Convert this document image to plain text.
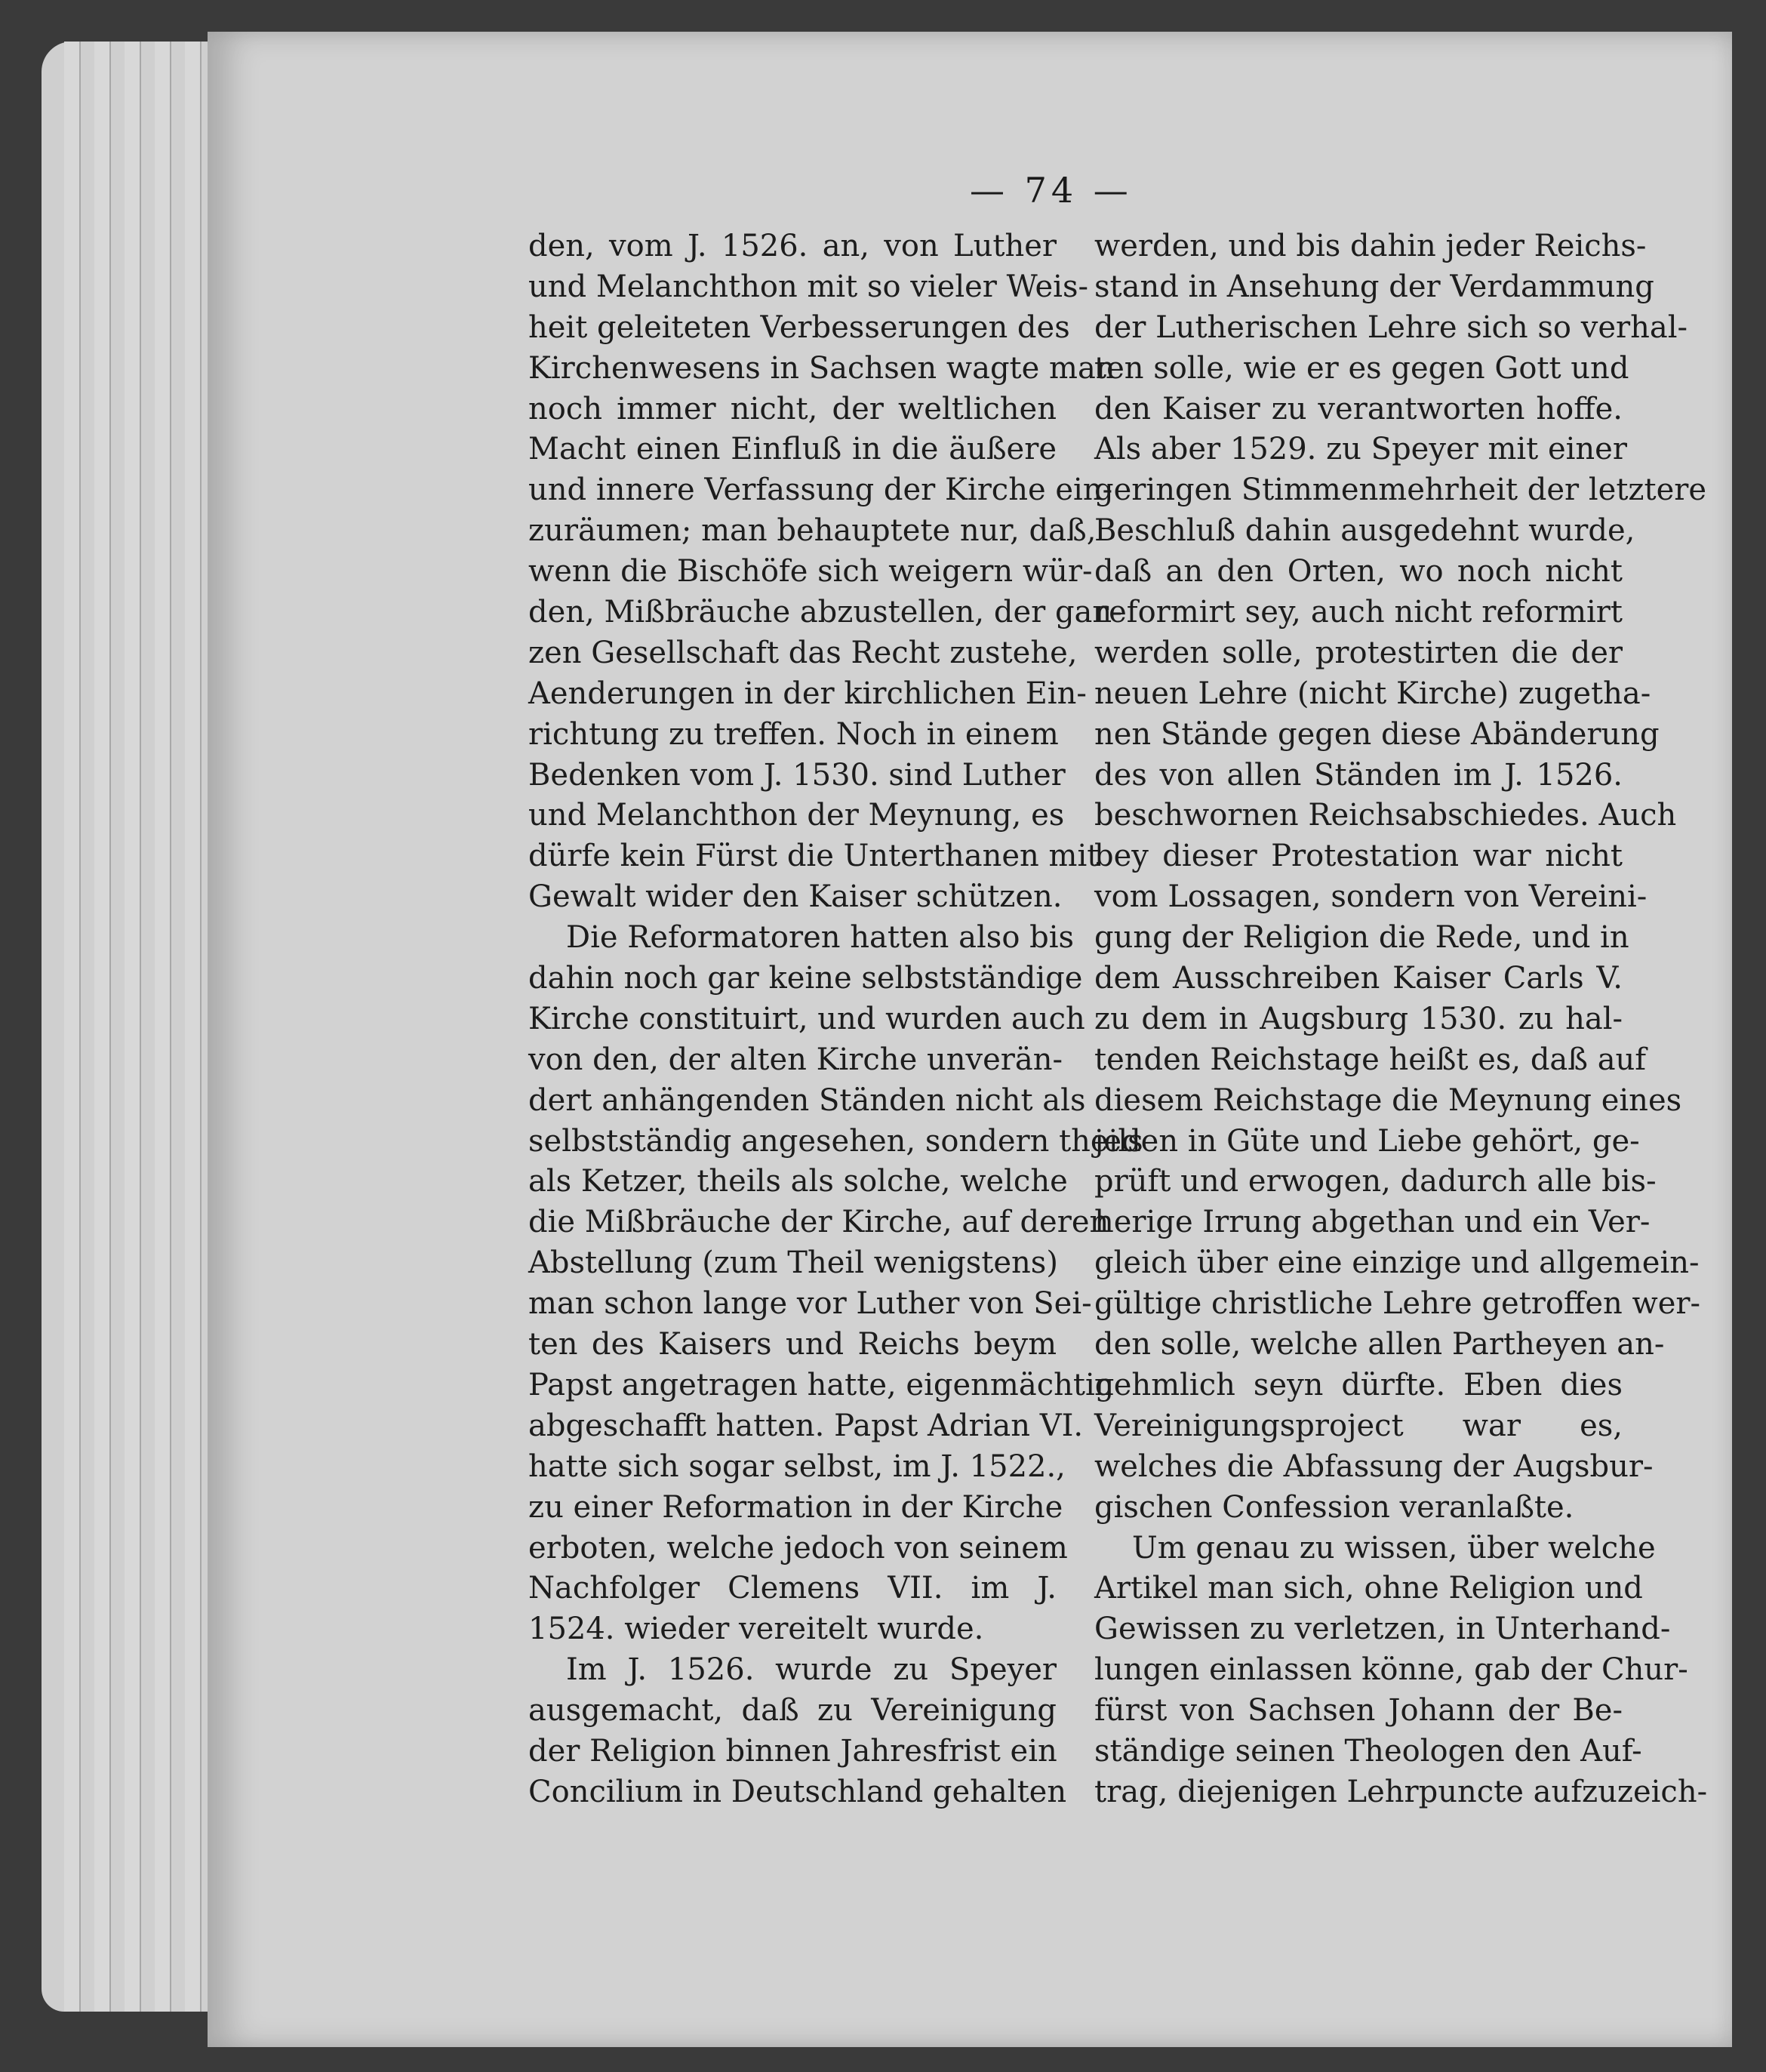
— 74 —
den, vom J. 1526. an, von Luther
und Melanchthon mit so vieler Weis-
heit geleiteten Verbesserungen des
Kirchenwesens in Sachsen wagte man
noch immer nicht, der weltlichen
Macht einen Einfluß in die äußere
und innere Verfassung der Kirche ein-
zuräumen; man behauptete nur, daß,
wenn die Bischöfe sich weigern wür-
den, Mißbräuche abzustellen, der gan-
zen Gesellschaft das Recht zustehe,
Aenderungen in der kirchlichen Ein-
richtung zu treffen. Noch in einem
Bedenken vom J. 1530. sind Luther
und Melanchthon der Meynung, es
dürfe kein Fürst die Unterthanen mit
Gewalt wider den Kaiser schützen.
Die Reformatoren hatten also bis
dahin noch gar keine selbstständige
Kirche constituirt, und wurden auch
von den, der alten Kirche unverän-
dert anhängenden Ständen nicht als
selbstständig angesehen, sondern theils
als Ketzer, theils als solche, welche
die Mißbräuche der Kirche, auf deren
Abstellung (zum Theil wenigstens)
man schon lange vor Luther von Sei-
ten des Kaisers und Reichs beym
Papst angetragen hatte, eigenmächtig
abgeschafft hatten. Papst Adrian VI.
hatte sich sogar selbst, im J. 1522.,
zu einer Reformation in der Kirche
erboten, welche jedoch von seinem
Nachfolger Clemens VII. im J.
1524. wieder vereitelt wurde.
Im J. 1526. wurde zu Speyer
ausgemacht, daß zu Vereinigung
der Religion binnen Jahresfrist ein
Concilium in Deutschland gehalten
werden, und bis dahin jeder Reichs-
stand in Ansehung der Verdammung
der Lutherischen Lehre sich so verhal-
ten solle, wie er es gegen Gott und
den Kaiser zu verantworten hoffe.
Als aber 1529. zu Speyer mit einer
geringen Stimmenmehrheit der letztere
Beschluß dahin ausgedehnt wurde,
daß an den Orten, wo noch nicht
reformirt sey, auch nicht reformirt
werden solle, protestirten die der
neuen Lehre (nicht Kirche) zugetha-
nen Stände gegen diese Abänderung
des von allen Ständen im J. 1526.
beschwornen Reichsabschiedes. Auch
bey dieser Protestation war nicht
vom Lossagen, sondern von Vereini-
gung der Religion die Rede, und in
dem Ausschreiben Kaiser Carls V.
zu dem in Augsburg 1530. zu hal-
tenden Reichstage heißt es, daß auf
diesem Reichstage die Meynung eines
jeden in Güte und Liebe gehört, ge-
prüft und erwogen, dadurch alle bis-
herige Irrung abgethan und ein Ver-
gleich über eine einzige und allgemein-
gültige christliche Lehre getroffen wer-
den solle, welche allen Partheyen an-
nehmlich seyn dürfte. Eben dies
Vereinigungsproject war es,
welches die Abfassung der Augsbur-
gischen Confession veranlaßte.
Um genau zu wissen, über welche
Artikel man sich, ohne Religion und
Gewissen zu verletzen, in Unterhand-
lungen einlassen könne, gab der Chur-
fürst von Sachsen Johann der Be-
ständige seinen Theologen den Auf-
trag, diejenigen Lehrpuncte aufzuzeich-
